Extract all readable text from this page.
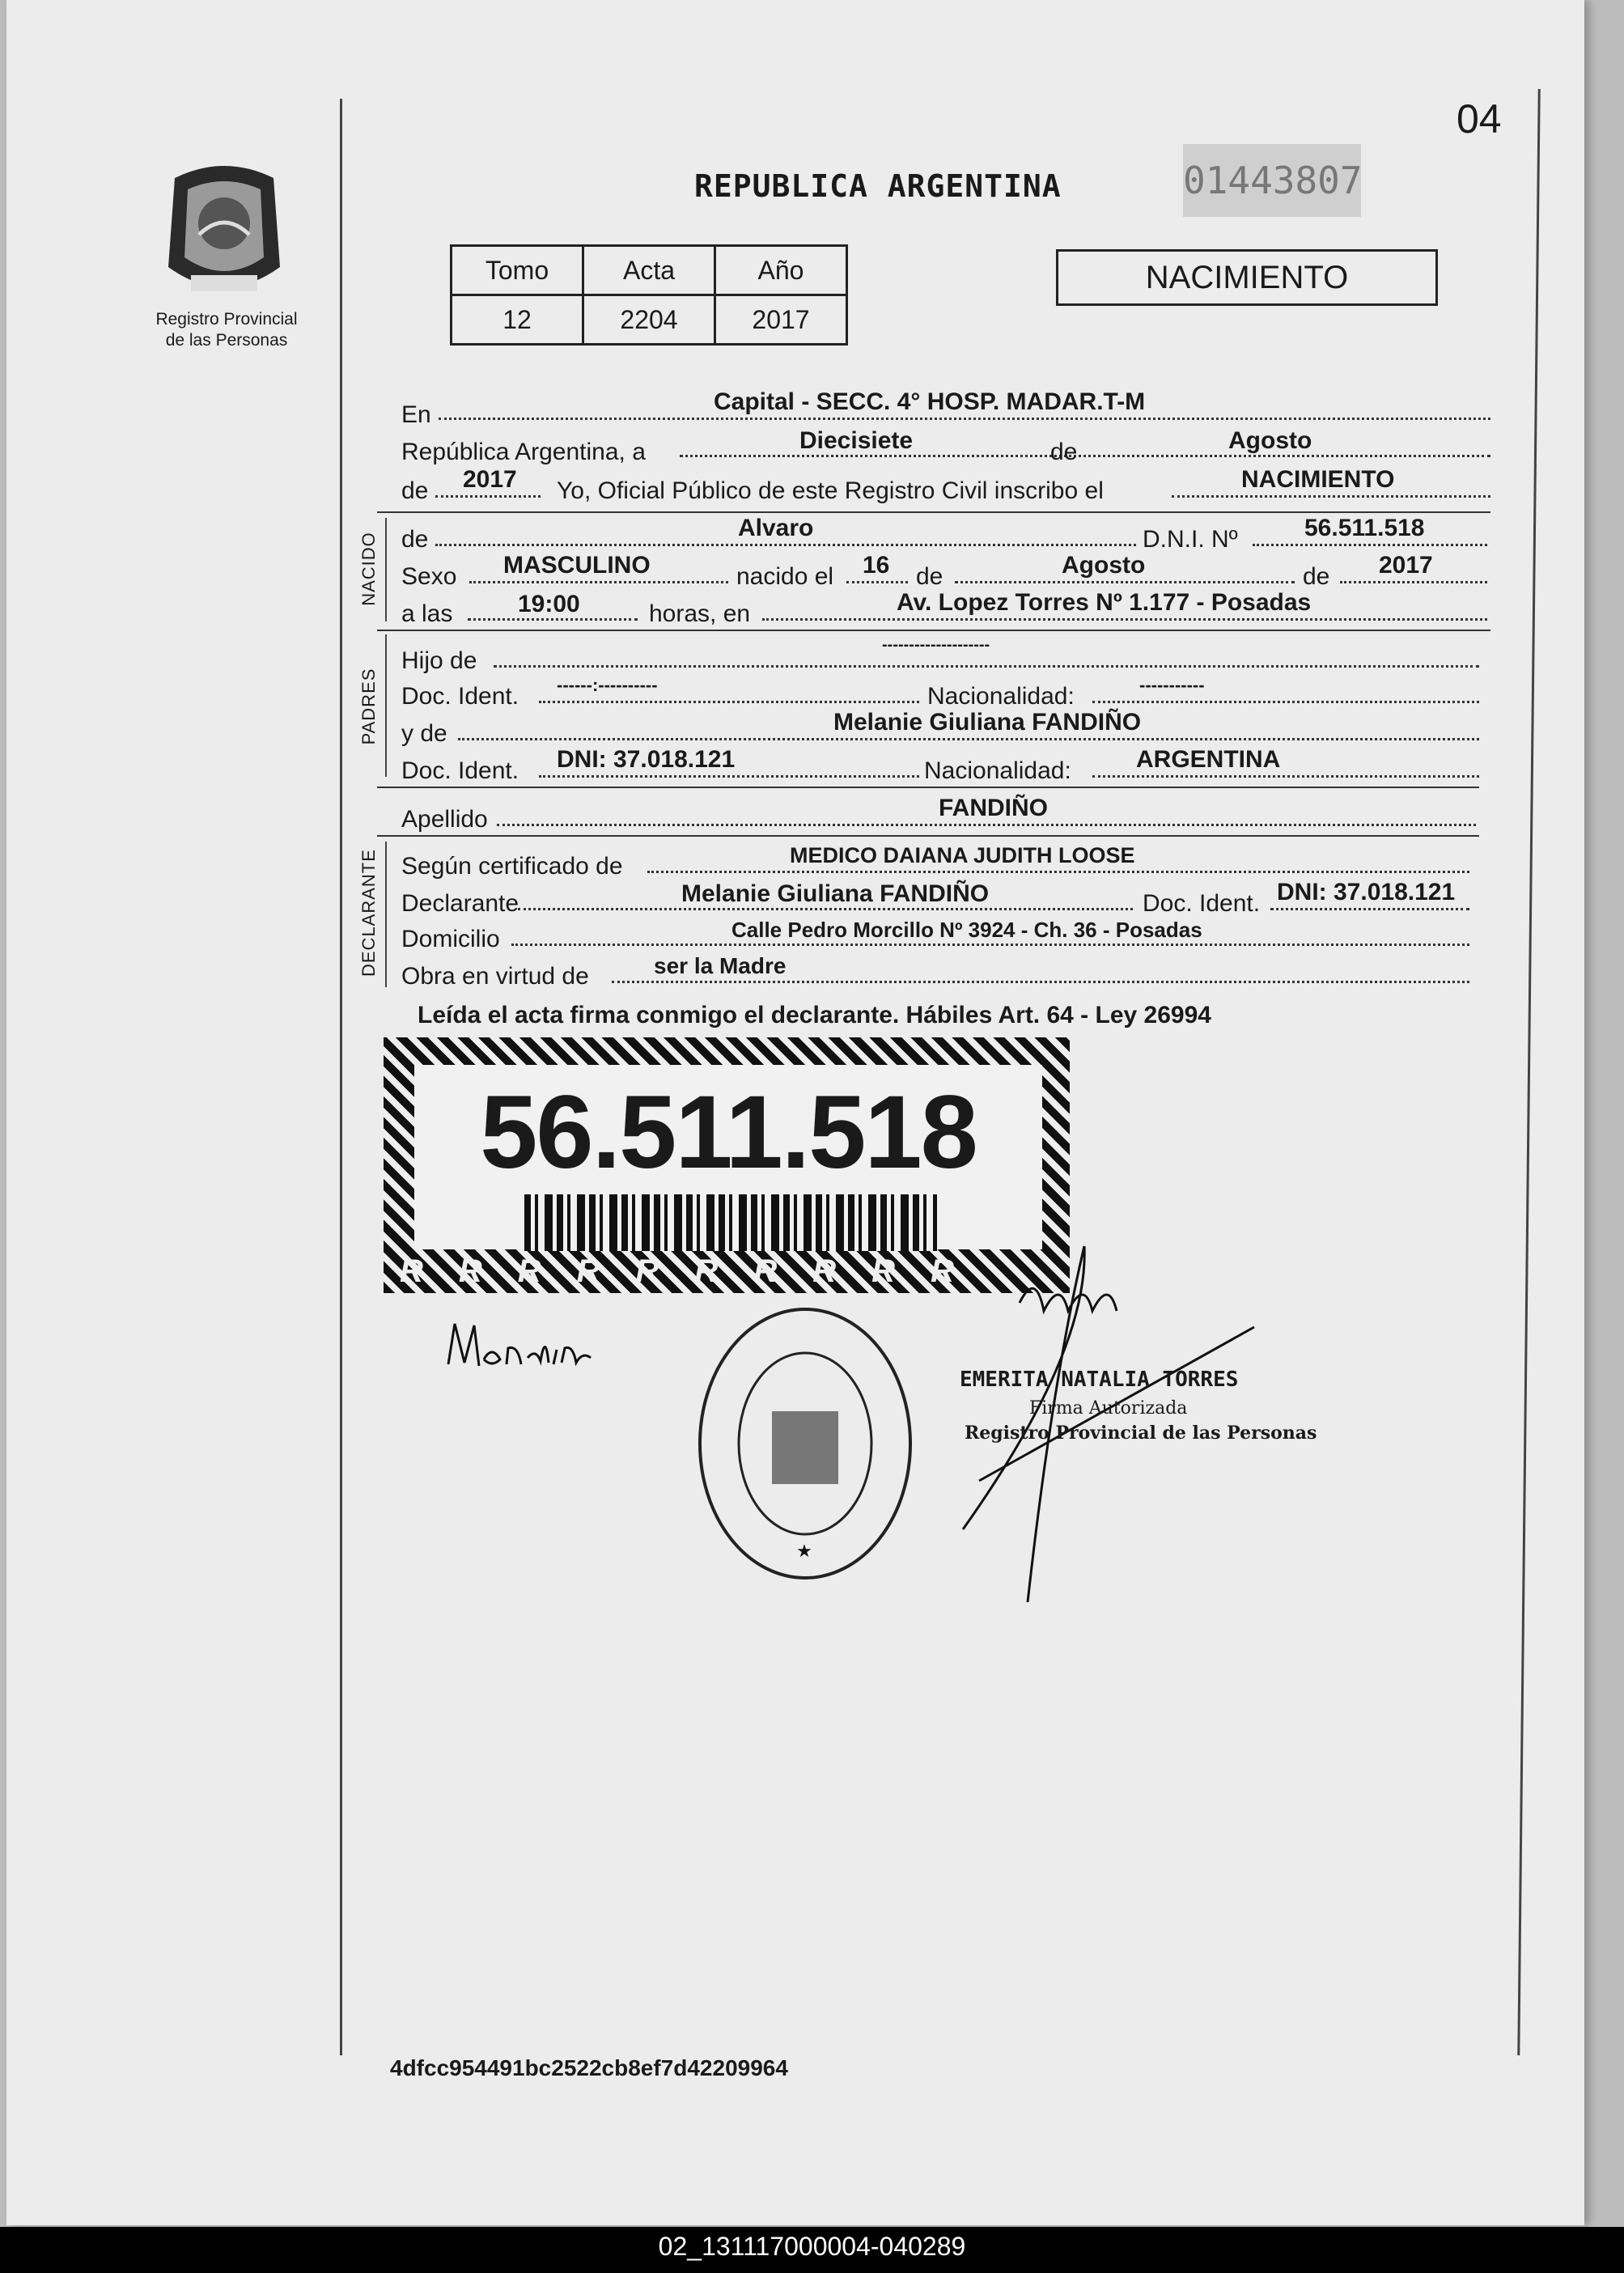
04
REPUBLICA ARGENTINA	01443807
Registro Provincial
de las Personas
Tomo	Acta	Año
12	2204	2017
NACIMIENTO
En	Capital - SECC. 4° HOSP. MADAR.T-M
República Argentina, a	Diecisiete	de	Agosto
de 2017 Yo, Oficial Público de este Registro Civil inscribo el	NACIMIENTO
NACIDO de	Alvaro	D.N.I. Nº	56.511.518
Sexo MASCULINO	nacido el 16 de	Agosto	de 2017
a las	19:00	horas, en	Av. Lopez Torres Nº 1.177 - Posadas
PADRES
Hijo de
--------------------
Doc. Ident. ------:----------	Nacionalidad:	-----------
y de	Melanie Giuliana FANDIÑO
Doc. Ident. DNI: 37.018.121	Nacionalidad:	ARGENTINA
Apellido	FANDIÑO
DECLARANTE Según certificado de	MEDICO DAIANA JUDITH LOOSE
Declarante	Melanie Giuliana FANDIÑO	Doc. Ident. DNI: 37.018.121
Domicilio	Calle Pedro Morcillo Nº 3924 - Ch. 36 - Posadas
Obra en virtud de	ser la Madre
Leída el acta firma conmigo el declarante. Hábiles Art. 64 - Ley 26994
56.511.518
RRRRRRRRRR
★
EMERITA NATALIA TORRES
Firma Autorizada
Registro Provincial de las Personas
4dfcc954491bc2522cb8ef7d42209964
02_131117000004-040289
